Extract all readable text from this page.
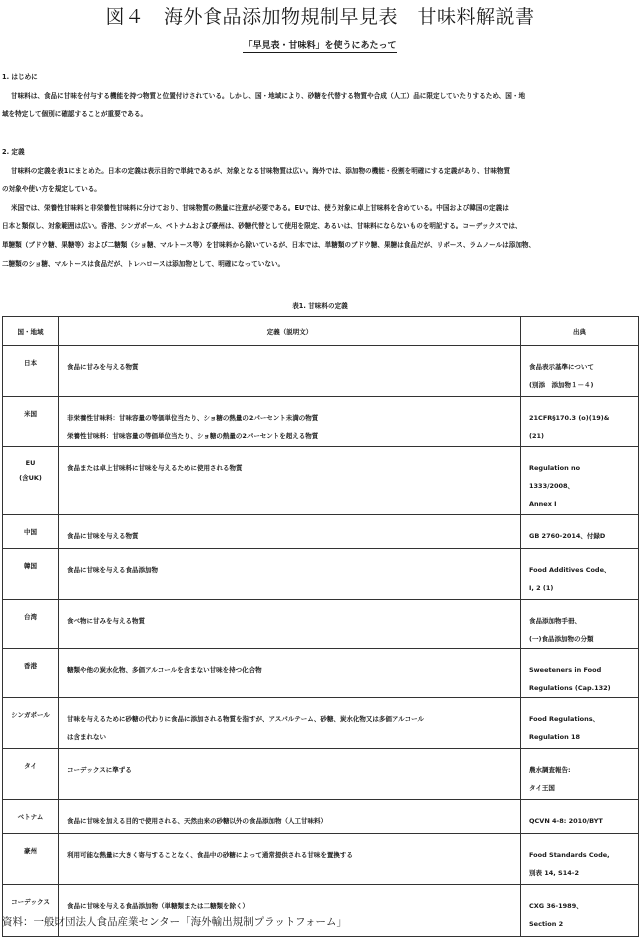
図４　海外食品添加物規制早見表　甘味料解説書
「早見表・甘味料」を使うにあたって

1. はじめに

甘味料は、食品に甘味を付与する機能を持つ物質と位置付けされている。しかし、国・地域により、砂糖を代替する物質や合成（人工）品に限定していたりするため、国・地

域を特定して個別に確認することが重要である。

2. 定義

甘味料の定義を表1にまとめた。日本の定義は表示目的で単純であるが、対象となる甘味物質は広い。海外では、添加物の機能・役割を明確にする定義があり、甘味物質

の対象や使い方を規定している。

米国では、栄養性甘味料と非栄養性甘味料に分けており、甘味物質の熱量に注意が必要である。EUでは、使う対象に卓上甘味料を含めている。中国および韓国の定義は

日本と類似し、対象範囲は広い。香港、シンガポール、ベトナムおよび豪州は、砂糖代替として使用を限定、あるいは、甘味料にならないものを明記する。コーデックスでは、

単糖類（ブドウ糖、果糖等）および二糖類（ショ糖、マルトース等）を甘味料から除いているが、日本では、単糖類のブドウ糖、果糖は食品だが、リボース、ラムノールは添加物、

二糖類のショ糖、マルトースは食品だが、トレハロースは添加物として、明確になっていない。

表1. 甘味料の定義
国・地域	定義（説明文）	出典

日本	食品に甘みを与える物質	食品表示基準について
(別添　添加物１－４)

米国	非栄養性甘味料：甘味容量の等価単位当たり、ショ糖の熱量の2パーセント未満の物質
栄養性甘味料：甘味容量の等価単位当たり、ショ糖の熱量の2パーセントを超える物質	21CFR§170.3 (o)(19)&
(21)

EU
(含UK)	食品または卓上甘味料に甘味を与えるために使用される物質	Regulation no
1333/2008、
Annex I

中国	食品に甘味を与える物質	GB 2760-2014、付録D

韓国	食品に甘味を与える食品添加物	Food Additives Code、
I, 2 (1)

台湾	食べ物に甘みを与える物質	食品添加物手冊、
(一)食品添加物の分類

香港	糖類や他の炭水化物、多価アルコールを含まない甘味を持つ化合物	Sweeteners in Food
Regulations (Cap.132)

シンガポール	甘味を与えるために砂糖の代わりに食品に添加される物質を指すが、アスパルテーム、砂糖、炭水化物又は多価アルコール
は含まれない	Food Regulations、
Regulation 18

タイ	コーデックスに準ずる	農水調査報告:
タイ王国

ベトナム	食品に甘味を加える目的で使用される、天然由来の砂糖以外の食品添加物（人工甘味料）	QCVN 4-8: 2010/BYT

豪州	利用可能な熱量に大きく寄与することなく、食品中の砂糖によって通常提供される甘味を置換する	Food Standards Code,
別表 14, S14-2

コーデックス	食品に甘味を与える食品添加物（単糖類または二糖類を除く）	CXG 36-1989、
Section 2
資料：一般財団法人食品産業センター「海外輸出規制プラットフォーム」
